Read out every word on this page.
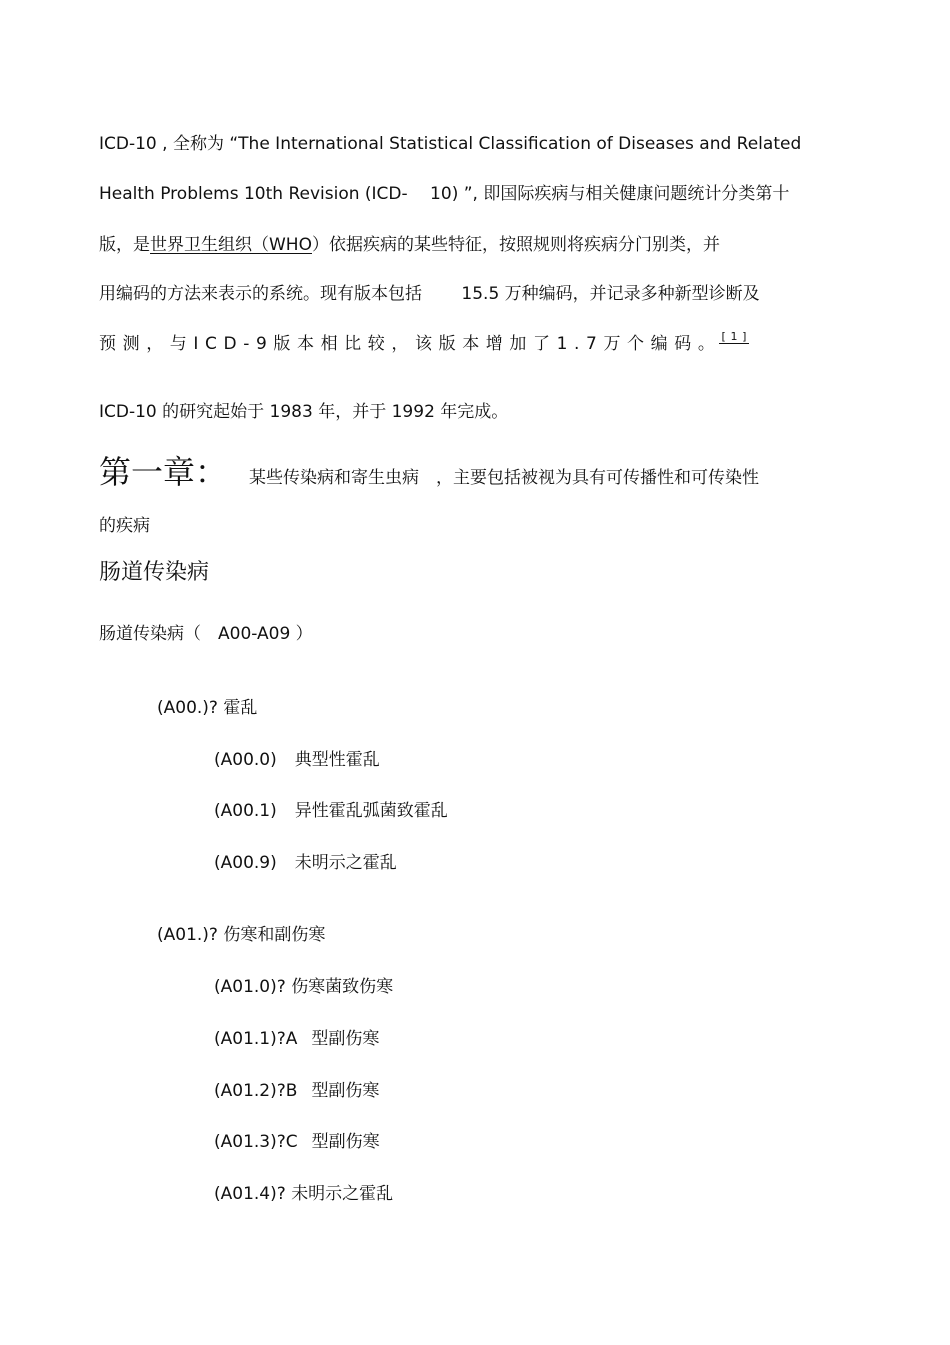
ICD-10 , 全称为 “The International Statistical Classification of Diseases and Related
Health Problems 10th Revision (ICD-　 10) ”, 即国际疾病与相关健康问题统计分类第十
版，是世界卫生组织（WHO）依据疾病的某些特征，按照规则将疾病分门别类，并
用编码的方法来表示的系统。现有版本包括　　 15.5 万种编码，并记录多种新型诊断及
预 测 ， 与 I C D - 9 版 本 相 比 较 ， 该 版 本 增 加 了 1 . 7 万 个 编 码 。 [ 1 ]
ICD-10 的研究起始于 1983 年，并于 1992 年完成。
第一章： 某些传染病和寄生虫病　，主要包括被视为具有可传播性和可传染性
的疾病
肠道传染病
肠道传染病（　A00-A09 ）
(A00.)? 霍乱
(A00.0) 典型性霍乱
(A00.1) 异性霍乱弧菌致霍乱
(A00.9) 未明示之霍乱
(A01.)? 伤寒和副伤寒
(A01.0)? 伤寒菌致伤寒
(A01.1)?A 型副伤寒
(A01.2)?B 型副伤寒
(A01.3)?C 型副伤寒
(A01.4)? 未明示之霍乱
